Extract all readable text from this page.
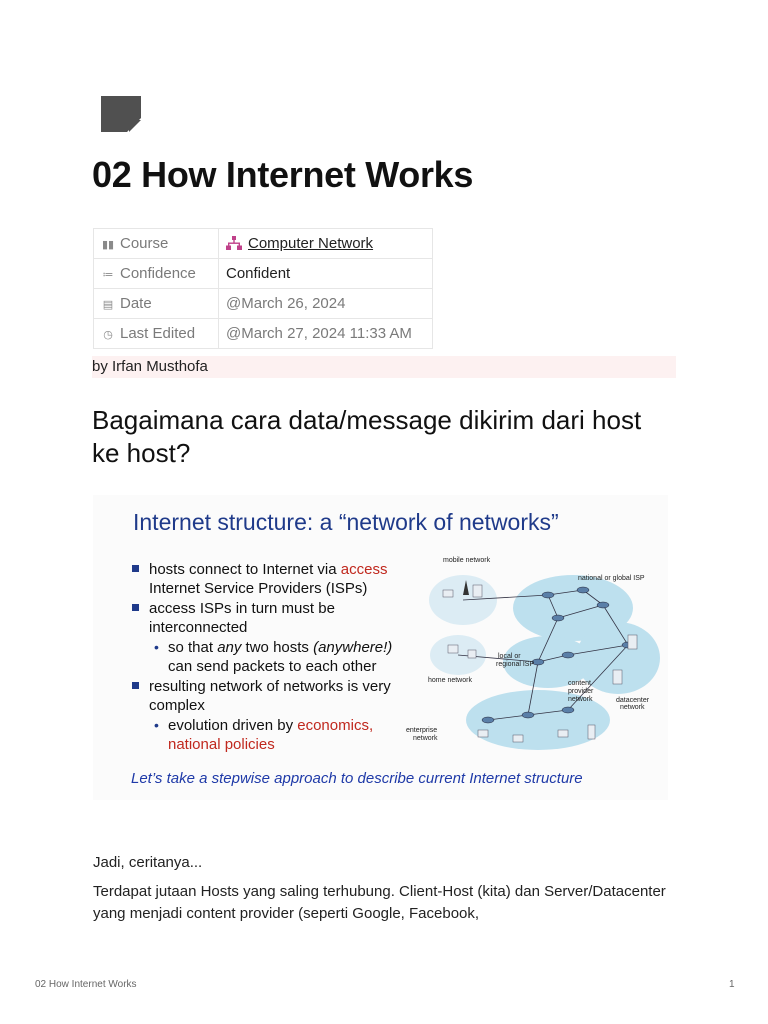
02 How Internet Works
▮▮ Course	Computer Network
≔ Confidence	Confident
▤ Date	@March 26, 2024
◷ Last Edited	@March 27, 2024 11:33 AM
by Irfan Musthofa
Bagaimana cara data/message dikirim dari host ke host?
Internet structure: a “network of networks”
hosts connect to Internet via access
Internet Service Providers (ISPs)
access ISPs in turn must be interconnected
• so that any two hosts (anywhere!)
can send packets to each other
resulting network of networks is very complex
• evolution driven by economics,
national policies
mobile network
national or global ISP
local or
regional ISP
home network	content
provider
network	datacenter
network
enterprise
network
Let’s take a stepwise approach to describe current Internet structure

Jadi, ceritanya...

Terdapat jutaan Hosts yang saling terhubung. Client-Host (kita) dan Server/Datacenter yang menjadi content provider (seperti Google, Facebook,

02 How Internet Works	1
